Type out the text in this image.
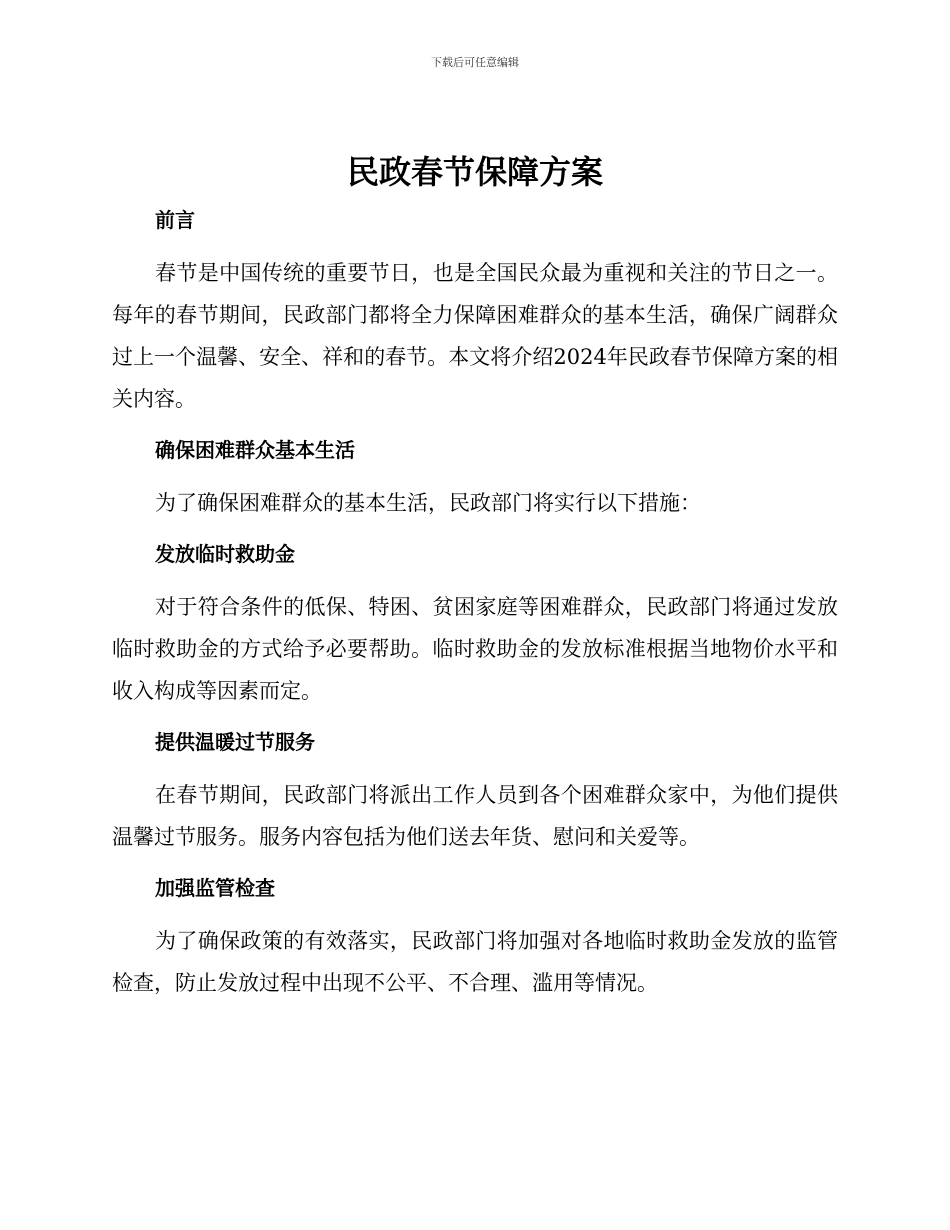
下载后可任意编辑
民政春节保障方案
前言

春节是中国传统的重要节日，也是全国民众最为重视和关注的节日之一。每年的春节期间，民政部门都将全力保障困难群众的基本生活，确保广阔群众过上一个温馨、安全、祥和的春节。本文将介绍2024年民政春节保障方案的相关内容。

确保困难群众基本生活

为了确保困难群众的基本生活，民政部门将实行以下措施：

发放临时救助金

对于符合条件的低保、特困、贫困家庭等困难群众，民政部门将通过发放临时救助金的方式给予必要帮助。临时救助金的发放标准根据当地物价水平和收入构成等因素而定。

提供温暖过节服务

在春节期间，民政部门将派出工作人员到各个困难群众家中，为他们提供温馨过节服务。服务内容包括为他们送去年货、慰问和关爱等。

加强监管检查

为了确保政策的有效落实，民政部门将加强对各地临时救助金发放的监管检查，防止发放过程中出现不公平、不合理、滥用等情况。
